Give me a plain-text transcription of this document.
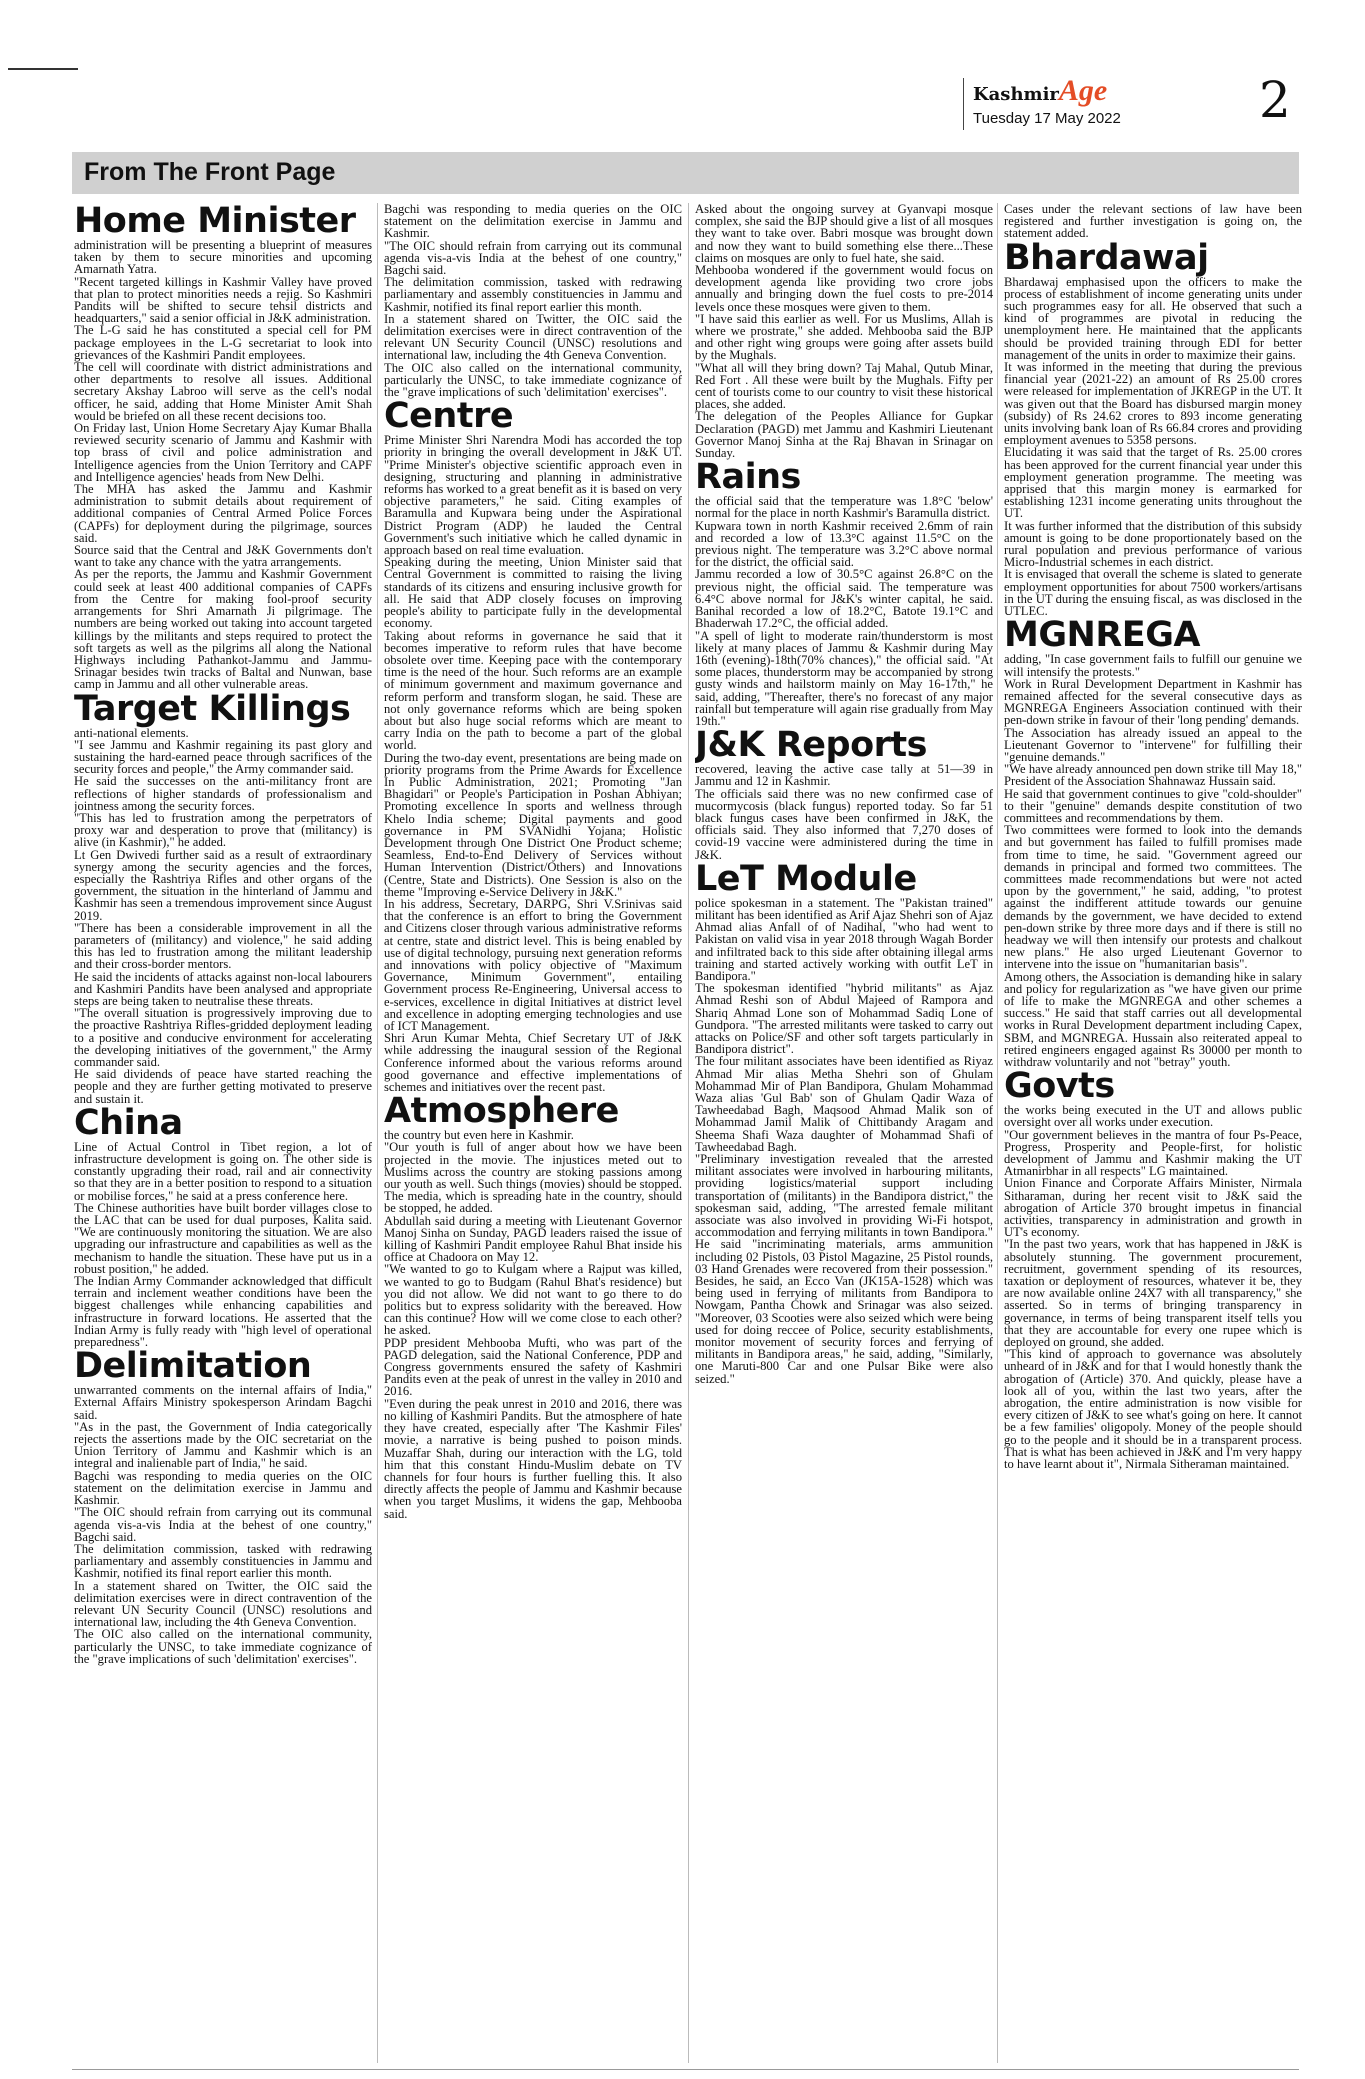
KashmirAge
Tuesday 17 May 2022	2
From The Front Page
Home Minister

administration will be presenting a blueprint of measures taken by them to secure minorities and upcoming Amarnath Yatra.

"Recent targeted killings in Kashmir Valley have proved that plan to protect minorities needs a rejig. So Kashmiri Pandits will be shifted to secure tehsil districts and headquarters," said a senior official in J&K administration.

The L-G said he has constituted a special cell for PM package employees in the L-G secretariat to look into grievances of the Kashmiri Pandit employees.

The cell will coordinate with district administrations and other departments to resolve all issues. Additional secretary Akshay Labroo will serve as the cell's nodal officer, he said, adding that Home Minister Amit Shah would be briefed on all these recent decisions too.

On Friday last, Union Home Secretary Ajay Kumar Bhalla reviewed security scenario of Jammu and Kashmir with top brass of civil and police administration and Intelligence agencies from the Union Territory and CAPF and Intelligence agencies' heads from New Delhi.

The MHA has asked the Jammu and Kashmir administration to submit details about requirement of additional companies of Central Armed Police Forces (CAPFs) for deployment during the pilgrimage, sources said.

Source said that the Central and J&K Governments don't want to take any chance with the yatra arrangements.

As per the reports, the Jammu and Kashmir Government could seek at least 400 additional companies of CAPFs from the Centre for making fool-proof security arrangements for Shri Amarnath Ji pilgrimage. The numbers are being worked out taking into account targeted killings by the militants and steps required to protect the soft targets as well as the pilgrims all along the National Highways including Pathankot-Jammu and Jammu-Srinagar besides twin tracks of Baltal and Nunwan, base camp in Jammu and all other vulnerable areas.

Target Killings

anti-national elements.

"I see Jammu and Kashmir regaining its past glory and sustaining the hard-earned peace through sacrifices of the security forces and people," the Army commander said.

He said the successes on the anti-militancy front are reflections of higher standards of professionalism and jointness among the security forces.

"This has led to frustration among the perpetrators of proxy war and desperation to prove that (militancy) is alive (in Kashmir)," he added.

Lt Gen Dwivedi further said as a result of extraordinary synergy among the security agencies and the forces, especially the Rashtriya Rifles and other organs of the government, the situation in the hinterland of Jammu and Kashmir has seen a tremendous improvement since August 2019.

"There has been a considerable improvement in all the parameters of (militancy) and violence," he said adding this has led to frustration among the militant leadership and their cross-border mentors.

He said the incidents of attacks against non-local labourers and Kashmiri Pandits have been analysed and appropriate steps are being taken to neutralise these threats.

"The overall situation is progressively improving due to the proactive Rashtriya Rifles-gridded deployment leading to a positive and conducive environment for accelerating the developing initiatives of the government," the Army commander said.

He said dividends of peace have started reaching the people and they are further getting motivated to preserve and sustain it.

China

Line of Actual Control in Tibet region, a lot of infrastructure development is going on. The other side is constantly upgrading their road, rail and air connectivity so that they are in a better position to respond to a situation or mobilise forces," he said at a press conference here.

The Chinese authorities have built border villages close to the LAC that can be used for dual purposes, Kalita said. "We are continuously monitoring the situation. We are also upgrading our infrastructure and capabilities as well as the mechanism to handle the situation. These have put us in a robust position," he added.

The Indian Army Commander acknowledged that difficult terrain and inclement weather conditions have been the biggest challenges while enhancing capabilities and infrastructure in forward locations. He asserted that the Indian Army is fully ready with "high level of operational preparedness".

Delimitation

unwarranted comments on the internal affairs of India," External Affairs Ministry spokesperson Arindam Bagchi said.

"As in the past, the Government of India categorically rejects the assertions made by the OIC secretariat on the Union Territory of Jammu and Kashmir which is an integral and inalienable part of India," he said.

Bagchi was responding to media queries on the OIC statement on the delimitation exercise in Jammu and Kashmir.

"The OIC should refrain from carrying out its communal agenda vis-a-vis India at the behest of one country," Bagchi said.

The delimitation commission, tasked with redrawing parliamentary and assembly constituencies in Jammu and Kashmir, notified its final report earlier this month.

In a statement shared on Twitter, the OIC said the delimitation exercises were in direct contravention of the relevant UN Security Council (UNSC) resolutions and international law, including the 4th Geneva Convention.

The OIC also called on the international community, particularly the UNSC, to take immediate cognizance of the "grave implications of such 'delimitation' exercises".

Bagchi was responding to media queries on the OIC statement on the delimitation exercise in Jammu and Kashmir.

"The OIC should refrain from carrying out its communal agenda vis-a-vis India at the behest of one country," Bagchi said.

The delimitation commission, tasked with redrawing parliamentary and assembly constituencies in Jammu and Kashmir, notified its final report earlier this month.

In a statement shared on Twitter, the OIC said the delimitation exercises were in direct contravention of the relevant UN Security Council (UNSC) resolutions and international law, including the 4th Geneva Convention.

The OIC also called on the international community, particularly the UNSC, to take immediate cognizance of the "grave implications of such 'delimitation' exercises".

Centre

Prime Minister Shri Narendra Modi has accorded the top priority in bringing the overall development in J&K UT. "Prime Minister's objective scientific approach even in designing, structuring and planning in administrative reforms has worked to a great benefit as it is based on very objective parameters," he said. Citing examples of Baramulla and Kupwara being under the Aspirational District Program (ADP) he lauded the Central Government's such initiative which he called dynamic in approach based on real time evaluation.

Speaking during the meeting, Union Minister said that Central Government is committed to raising the living standards of its citizens and ensuring inclusive growth for all. He said that ADP closely focuses on improving people's ability to participate fully in the developmental economy.

Taking about reforms in governance he said that it becomes imperative to reform rules that have become obsolete over time. Keeping pace with the contemporary time is the need of the hour. Such reforms are an example of minimum government and maximum governance and reform perform and transform slogan, he said. These are not only governance reforms which are being spoken about but also huge social reforms which are meant to carry India on the path to become a part of the global world.

During the two-day event, presentations are being made on priority programs from the Prime Awards for Excellence In Public Administration, 2021; Promoting "Jan Bhagidari" or People's Participation in Poshan Abhiyan; Promoting excellence In sports and wellness through Khelo India scheme; Digital payments and good governance in PM SVANidhi Yojana; Holistic Development through One District One Product scheme; Seamless, End-to-End Delivery of Services without Human Intervention (District/Others) and Innovations (Centre, State and Districts). One Session is also on the theme "Improving e-Service Delivery in J&K."

In his address, Secretary, DARPG, Shri V.Srinivas said that the conference is an effort to bring the Government and Citizens closer through various administrative reforms at centre, state and district level. This is being enabled by use of digital technology, pursuing next generation reforms and innovations with policy objective of "Maximum Governance, Minimum Government", entailing Government process Re-Engineering, Universal access to e-services, excellence in digital Initiatives at district level and excellence in adopting emerging technologies and use of ICT Management.

Shri Arun Kumar Mehta, Chief Secretary UT of J&K while addressing the inaugural session of the Regional Conference informed about the various reforms around good governance and effective implementations of schemes and initiatives over the recent past.

Atmosphere

the country but even here in Kashmir.

"Our youth is full of anger about how we have been projected in the movie. The injustices meted out to Muslims across the country are stoking passions among our youth as well. Such things (movies) should be stopped. The media, which is spreading hate in the country, should be stopped, he added.

Abdullah said during a meeting with Lieutenant Governor Manoj Sinha on Sunday, PAGD leaders raised the issue of killing of Kashmiri Pandit employee Rahul Bhat inside his office at Chadoora on May 12.

"We wanted to go to Kulgam where a Rajput was killed, we wanted to go to Budgam (Rahul Bhat's residence) but you did not allow. We did not want to go there to do politics but to express solidarity with the bereaved. How can this continue? How will we come close to each other? he asked.

PDP president Mehbooba Mufti, who was part of the PAGD delegation, said the National Conference, PDP and Congress governments ensured the safety of Kashmiri Pandits even at the peak of unrest in the valley in 2010 and 2016.

"Even during the peak unrest in 2010 and 2016, there was no killing of Kashmiri Pandits. But the atmosphere of hate they have created, especially after 'The Kashmir Files' movie, a narrative is being pushed to poison minds. Muzaffar Shah, during our interaction with the LG, told him that this constant Hindu-Muslim debate on TV channels for four hours is further fuelling this. It also directly affects the people of Jammu and Kashmir because when you target Muslims, it widens the gap, Mehbooba said.

Asked about the ongoing survey at Gyanvapi mosque complex, she said the BJP should give a list of all mosques they want to take over. Babri mosque was brought down and now they want to build something else there...These claims on mosques are only to fuel hate, she said.

Mehbooba wondered if the government would focus on development agenda like providing two crore jobs annually and bringing down the fuel costs to pre-2014 levels once these mosques were given to them.

"I have said this earlier as well. For us Muslims, Allah is where we prostrate," she added. Mehbooba said the BJP and other right wing groups were going after assets build by the Mughals.

"What all will they bring down? Taj Mahal, Qutub Minar, Red Fort . All these were built by the Mughals. Fifty per cent of tourists come to our country to visit these historical places, she added.

The delegation of the Peoples Alliance for Gupkar Declaration (PAGD) met Jammu and Kashmiri Lieutenant Governor Manoj Sinha at the Raj Bhavan in Srinagar on Sunday.

Rains

the official said that the temperature was 1.8°C 'below' normal for the place in north Kashmir's Baramulla district.

Kupwara town in north Kashmir received 2.6mm of rain and recorded a low of 13.3°C against 11.5°C on the previous night. The temperature was 3.2°C above normal for the district, the official said.

Jammu recorded a low of 30.5°C against 26.8°C on the previous night, the official said. The temperature was 6.4°C above normal for J&K's winter capital, he said. Banihal recorded a low of 18.2°C, Batote 19.1°C and Bhaderwah 17.2°C, the official added.

"A spell of light to moderate rain/thunderstorm is most likely at many places of Jammu & Kashmir during May 16th (evening)-18th(70% chances)," the official said. "At some places, thunderstorm may be accompanied by strong gusty winds and hailstorm mainly on May 16-17th," he said, adding, "Thereafter, there's no forecast of any major rainfall but temperature will again rise gradually from May 19th."

J&K Reports

recovered, leaving the active case tally at 51—39 in Jammu and 12 in Kashmir.

The officials said there was no new confirmed case of mucormycosis (black fungus) reported today. So far 51 black fungus cases have been confirmed in J&K, the officials said. They also informed that 7,270 doses of covid-19 vaccine were administered during the time in J&K.

LeT Module

police spokesman in a statement. The "Pakistan trained" militant has been identified as Arif Ajaz Shehri son of Ajaz Ahmad alias Anfall of of Nadihal, "who had went to Pakistan on valid visa in year 2018 through Wagah Border and infiltrated back to this side after obtaining illegal arms training and started actively working with outfit LeT in Bandipora."

The spokesman identified "hybrid militants" as Ajaz Ahmad Reshi son of Abdul Majeed of Rampora and Shariq Ahmad Lone son of Mohammad Sadiq Lone of Gundpora. "The arrested militants were tasked to carry out attacks on Police/SF and other soft targets particularly in Bandipora district".

The four militant associates have been identified as Riyaz Ahmad Mir alias Metha Shehri son of Ghulam Mohammad Mir of Plan Bandipora, Ghulam Mohammad Waza alias 'Gul Bab' son of Ghulam Qadir Waza of Tawheedabad Bagh, Maqsood Ahmad Malik son of Mohammad Jamil Malik of Chittibandy Aragam and Sheema Shafi Waza daughter of Mohammad Shafi of Tawheedabad Bagh.

"Preliminary investigation revealed that the arrested militant associates were involved in harbouring militants, providing logistics/material support including transportation of (militants) in the Bandipora district," the spokesman said, adding, "The arrested female militant associate was also involved in providing Wi-Fi hotspot, accommodation and ferrying militants in town Bandipora."

He said "incriminating materials, arms ammunition including 02 Pistols, 03 Pistol Magazine, 25 Pistol rounds, 03 Hand Grenades were recovered from their possession." Besides, he said, an Ecco Van (JK15A-1528) which was being used in ferrying of militants from Bandipora to Nowgam, Pantha Chowk and Srinagar was also seized. "Moreover, 03 Scooties were also seized which were being used for doing reccee of Police, security establishments, monitor movement of security forces and ferrying of militants in Bandipora areas," he said, adding, "Similarly, one Maruti-800 Car and one Pulsar Bike were also seized."

Cases under the relevant sections of law have been registered and further investigation is going on, the statement added.

Bhardawaj

Bhardawaj emphasised upon the officers to make the process of establishment of income generating units under such programmes easy for all. He observed that such a kind of programmes are pivotal in reducing the unemployment here. He maintained that the applicants should be provided training through EDI for better management of the units in order to maximize their gains.

It was informed in the meeting that during the previous financial year (2021-22) an amount of Rs 25.00 crores were released for implementation of JKREGP in the UT. It was given out that the Board has disbursed margin money (subsidy) of Rs 24.62 crores to 893 income generating units involving bank loan of Rs 66.84 crores and providing employment avenues to 5358 persons.

Elucidating it was said that the target of Rs. 25.00 crores has been approved for the current financial year under this employment generation programme. The meeting was apprised that this margin money is earmarked for establishing 1231 income generating units throughout the UT.

It was further informed that the distribution of this subsidy amount is going to be done proportionately based on the rural population and previous performance of various Micro-Industrial schemes in each district.

It is envisaged that overall the scheme is slated to generate employment opportunities for about 7500 workers/artisans in the UT during the ensuing fiscal, as was disclosed in the UTLEC.

MGNREGA

adding, "In case government fails to fulfill our genuine we will intensify the protests."

Work in Rural Development Department in Kashmir has remained affected for the several consecutive days as MGNREGA Engineers Association continued with their pen-down strike in favour of their 'long pending' demands.

The Association has already issued an appeal to the Lieutenant Governor to "intervene" for fulfilling their "genuine demands."

"We have already announced pen down strike till May 18," President of the Association Shahnawaz Hussain said.

He said that government continues to give "cold-shoulder" to their "genuine" demands despite constitution of two committees and recommendations by them.

Two committees were formed to look into the demands and but government has failed to fulfill promises made from time to time, he said. "Government agreed our demands in principal and formed two committees. The committees made recommendations but were not acted upon by the government," he said, adding, "to protest against the indifferent attitude towards our genuine demands by the government, we have decided to extend pen-down strike by three more days and if there is still no headway we will then intensify our protests and chalkout new plans." He also urged Lieutenant Governor to intervene into the issue on "humanitarian basis".

Among others, the Association is demanding hike in salary and policy for regularization as "we have given our prime of life to make the MGNREGA and other schemes a success." He said that staff carries out all developmental works in Rural Development department including Capex, SBM, and MGNREGA. Hussain also reiterated appeal to retired engineers engaged against Rs 30000 per month to withdraw voluntarily and not "betray" youth.

Govts

the works being executed in the UT and allows public oversight over all works under execution.

"Our government believes in the mantra of four Ps-Peace, Progress, Prosperity and People-first, for holistic development of Jammu and Kashmir making the UT Atmanirbhar in all respects" LG maintained.

Union Finance and Corporate Affairs Minister, Nirmala Sitharaman, during her recent visit to J&K said the abrogation of Article 370 brought impetus in financial activities, transparency in administration and growth in UT's economy.

"In the past two years, work that has happened in J&K is absolutely stunning. The government procurement, recruitment, government spending of its resources, taxation or deployment of resources, whatever it be, they are now available online 24X7 with all transparency," she asserted. So in terms of bringing transparency in governance, in terms of being transparent itself tells you that they are accountable for every one rupee which is deployed on ground, she added.

"This kind of approach to governance was absolutely unheard of in J&K and for that I would honestly thank the abrogation of (Article) 370. And quickly, please have a look all of you, within the last two years, after the abrogation, the entire administration is now visible for every citizen of J&K to see what's going on here. It cannot be a few families' oligopoly. Money of the people should go to the people and it should be in a transparent process. That is what has been achieved in J&K and I'm very happy to have learnt about it", Nirmala Sitheraman maintained.
